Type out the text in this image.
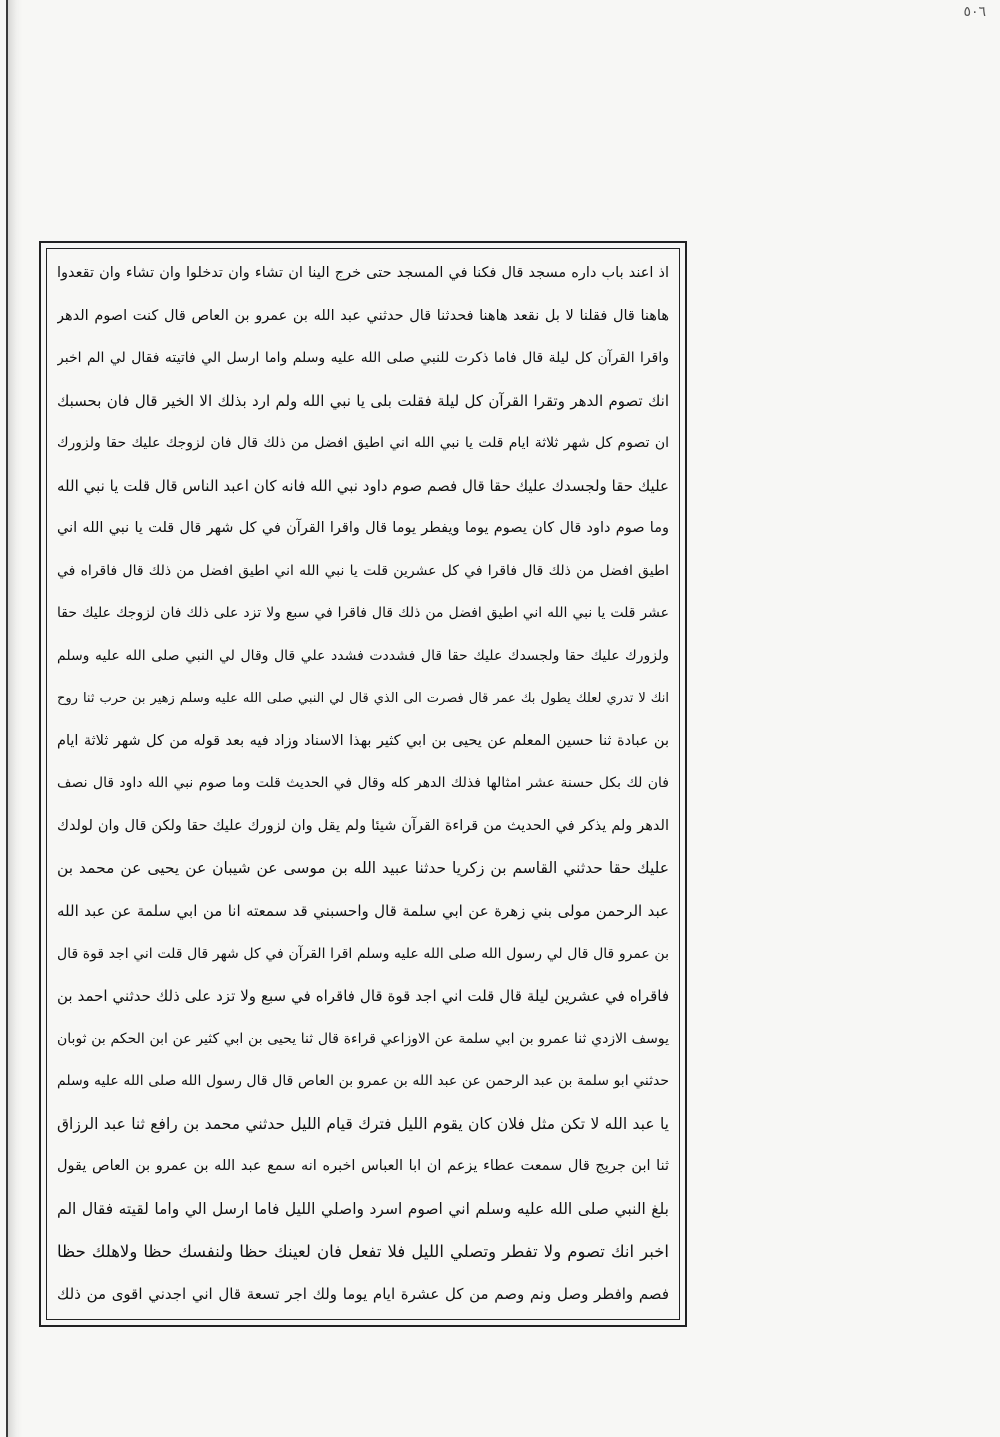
٥٠٦
اذ اعند باب داره مسجد قال فكنا في المسجد حتى خرج الينا ان تشاء وان تدخلوا وان تشاء وان تقعدوا
هاهنا قال فقلنا لا بل نقعد هاهنا فحدثنا قال حدثني عبد الله بن عمرو بن العاص قال كنت اصوم الدهر
واقرا القرآن كل ليلة قال فاما ذكرت للنبي صلى الله عليه وسلم واما ارسل الي فاتيته فقال لي الم اخبر
انك تصوم الدهر وتقرا القرآن كل ليلة فقلت بلى يا نبي الله ولم ارد بذلك الا الخير قال فان بحسبك
ان تصوم كل شهر ثلاثة ايام قلت يا نبي الله اني اطيق افضل من ذلك قال فان لزوجك عليك حقا ولزورك
عليك حقا ولجسدك عليك حقا قال فصم صوم داود نبي الله فانه كان اعبد الناس قال قلت يا نبي الله
وما صوم داود قال كان يصوم يوما ويفطر يوما قال واقرا القرآن في كل شهر قال قلت يا نبي الله اني
اطيق افضل من ذلك قال فاقرا في كل عشرين قلت يا نبي الله اني اطيق افضل من ذلك قال فاقراه في
عشر قلت يا نبي الله اني اطيق افضل من ذلك قال فاقرا في سبع ولا تزد على ذلك فان لزوجك عليك حقا
ولزورك عليك حقا ولجسدك عليك حقا قال فشددت فشدد علي قال وقال لي النبي صلى الله عليه وسلم
انك لا تدري لعلك يطول بك عمر قال فصرت الى الذي قال لي النبي صلى الله عليه وسلم زهير بن حرب ثنا روح
بن عبادة ثنا حسين المعلم عن يحيى بن ابي كثير بهذا الاسناد وزاد فيه بعد قوله من كل شهر ثلاثة ايام
فان لك بكل حسنة عشر امثالها فذلك الدهر كله وقال في الحديث قلت وما صوم نبي الله داود قال نصف
الدهر ولم يذكر في الحديث من قراءة القرآن شيئا ولم يقل وان لزورك عليك حقا ولكن قال وان لولدك
عليك حقا حدثني القاسم بن زكريا حدثنا عبيد الله بن موسى عن شيبان عن يحيى عن محمد بن
عبد الرحمن مولى بني زهرة عن ابي سلمة قال واحسبني قد سمعته انا من ابي سلمة عن عبد الله
بن عمرو قال قال لي رسول الله صلى الله عليه وسلم اقرا القرآن في كل شهر قال قلت اني اجد قوة قال
فاقراه في عشرين ليلة قال قلت اني اجد قوة قال فاقراه في سبع ولا تزد على ذلك حدثني احمد بن
يوسف الازدي ثنا عمرو بن ابي سلمة عن الاوزاعي قراءة قال ثنا يحيى بن ابي كثير عن ابن الحكم بن ثوبان
حدثني ابو سلمة بن عبد الرحمن عن عبد الله بن عمرو بن العاص قال قال رسول الله صلى الله عليه وسلم
يا عبد الله لا تكن مثل فلان كان يقوم الليل فترك قيام الليل حدثني محمد بن رافع ثنا عبد الرزاق
ثنا ابن جريج قال سمعت عطاء يزعم ان ابا العباس اخبره انه سمع عبد الله بن عمرو بن العاص يقول
بلغ النبي صلى الله عليه وسلم اني اصوم اسرد واصلي الليل فاما ارسل الي واما لقيته فقال الم
اخبر انك تصوم ولا تفطر وتصلي الليل فلا تفعل فان لعينك حظا ولنفسك حظا ولاهلك حظا
فصم وافطر وصل ونم وصم من كل عشرة ايام يوما ولك اجر تسعة قال اني اجدني اقوى من ذلك
